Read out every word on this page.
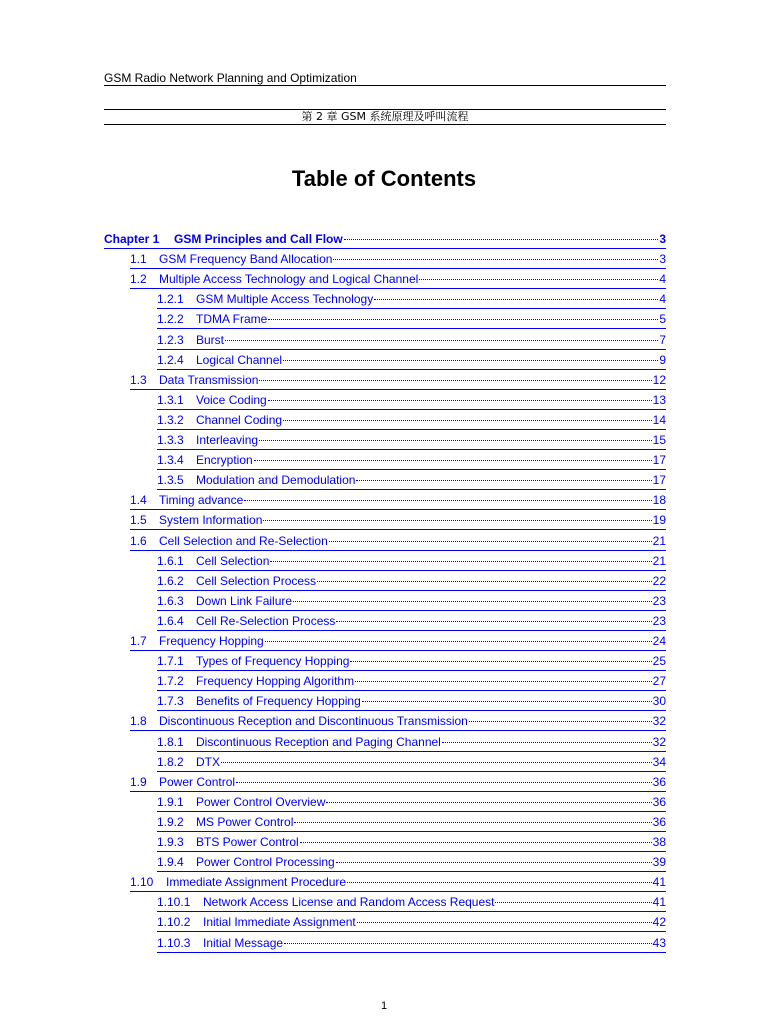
GSM Radio Network Planning and Optimization
第 2 章 GSM 系统原理及呼叫流程
Table of Contents
Chapter 1	GSM Principles and Call Flow	3
1.1	GSM Frequency Band Allocation	3
1.2	Multiple Access Technology and Logical Channel	4
1.2.1	GSM Multiple Access Technology	4
1.2.2	TDMA Frame	5
1.2.3	Burst	7
1.2.4	Logical Channel	9
1.3	Data Transmission	12
1.3.1	Voice Coding	13
1.3.2	Channel Coding	14
1.3.3	Interleaving	15
1.3.4	Encryption	17
1.3.5	Modulation and Demodulation	17
1.4	Timing advance	18
1.5	System Information	19
1.6	Cell Selection and Re-Selection	21
1.6.1	Cell Selection	21
1.6.2	Cell Selection Process	22
1.6.3	Down Link Failure	23
1.6.4	Cell Re-Selection Process	23
1.7	Frequency Hopping	24
1.7.1	Types of Frequency Hopping	25
1.7.2	Frequency Hopping Algorithm	27
1.7.3	Benefits of Frequency Hopping	30
1.8	Discontinuous Reception and Discontinuous Transmission	32
1.8.1	Discontinuous Reception and Paging Channel	32
1.8.2	DTX	34
1.9	Power Control	36
1.9.1	Power Control Overview	36
1.9.2	MS Power Control	36
1.9.3	BTS Power Control	38
1.9.4	Power Control Processing	39
1.10	Immediate Assignment Procedure	41
1.10.1	Network Access License and Random Access Request	41
1.10.2	Initial Immediate Assignment	42
1.10.3	Initial Message	43
1
